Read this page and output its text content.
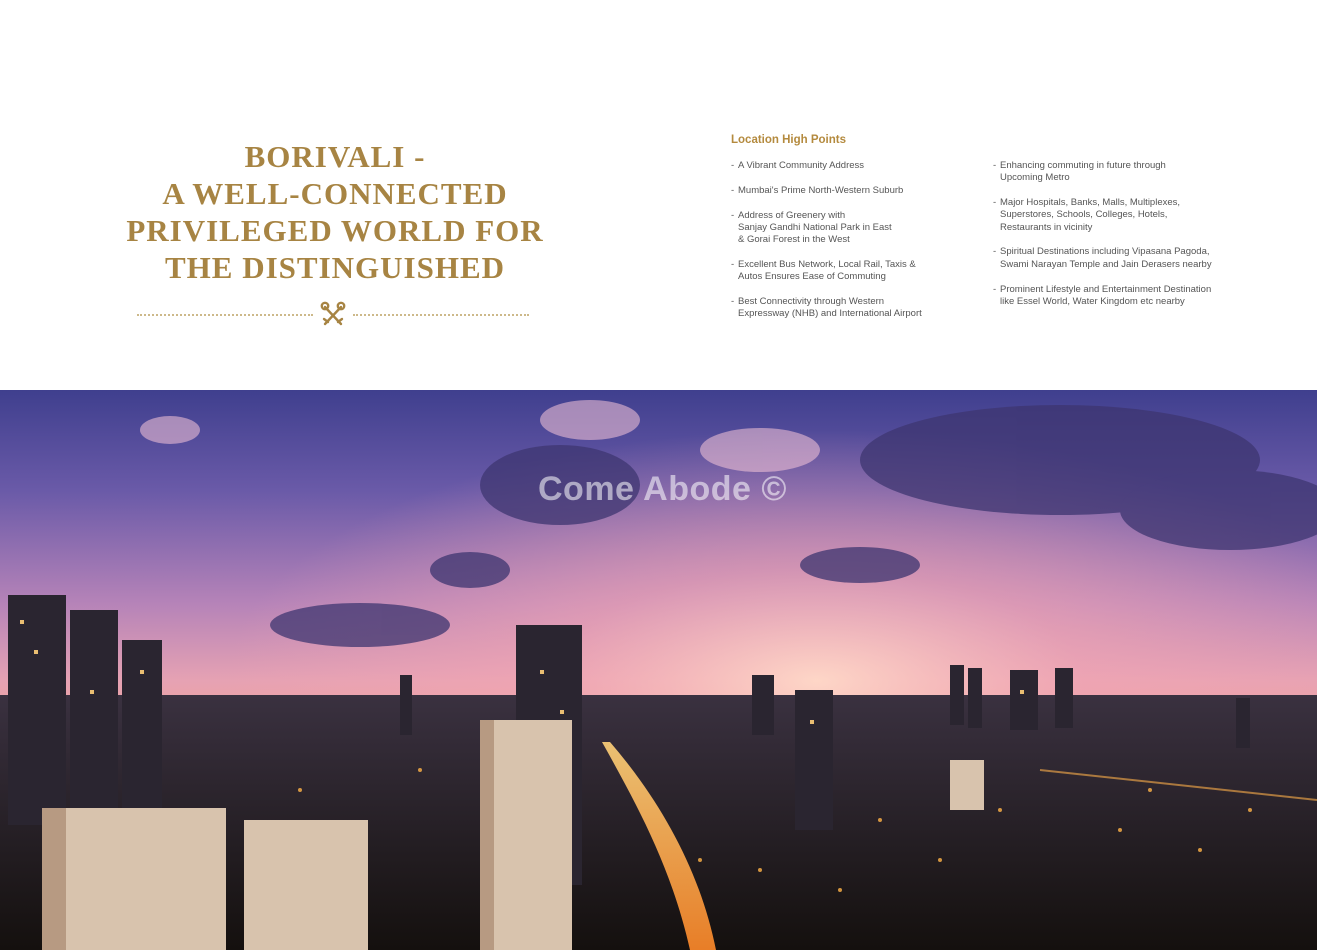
BORIVALI -
A WELL-CONNECTED
PRIVILEGED WORLD FOR
THE DISTINGUISHED
Location High Points
- A Vibrant Community Address
- Mumbai's Prime North-Western Suburb
- Address of Greenery with
Sanjay Gandhi National Park in East
& Gorai Forest in the West
- Excellent Bus Network, Local Rail, Taxis &
Autos Ensures Ease of Commuting
- Best Connectivity through Western
Expressway (NHB) and International Airport
- Enhancing commuting in future through
Upcoming Metro
- Major Hospitals, Banks, Malls, Multiplexes,
Superstores, Schools, Colleges, Hotels,
Restaurants in vicinity
- Spiritual Destinations including Vipasana Pagoda,
Swami Narayan Temple and Jain Derasers nearby
- Prominent Lifestyle and Entertainment Destination
like Essel World, Water Kingdom etc nearby
Come Abode ©
